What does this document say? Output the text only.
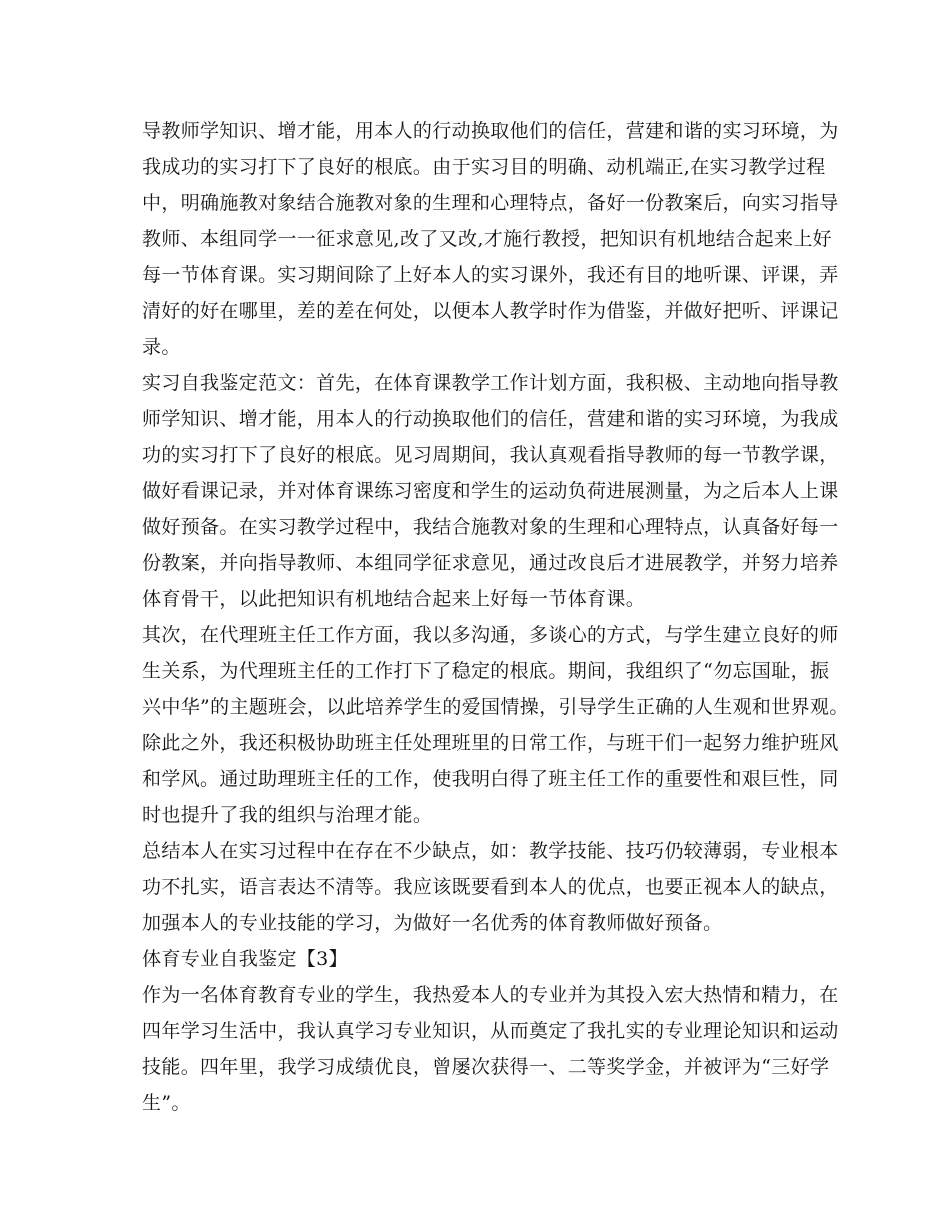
导教师学知识、增才能，用本人的行动换取他们的信任，营建和谐的实习环境，为
我成功的实习打下了良好的根底。由于实习目的明确、动机端正,在实习教学过程
中，明确施教对象结合施教对象的生理和心理特点，备好一份教案后，向实习指导
教师、本组同学一一征求意见,改了又改,才施行教授，把知识有机地结合起来上好
每一节体育课。实习期间除了上好本人的实习课外，我还有目的地听课、评课，弄
清好的好在哪里，差的差在何处，以便本人教学时作为借鉴，并做好把听、评课记
录。
实习自我鉴定范文：首先，在体育课教学工作计划方面，我积极、主动地向指导教
师学知识、增才能，用本人的行动换取他们的信任，营建和谐的实习环境，为我成
功的实习打下了良好的根底。见习周期间，我认真观看指导教师的每一节教学课，
做好看课记录，并对体育课练习密度和学生的运动负荷进展测量，为之后本人上课
做好预备。在实习教学过程中，我结合施教对象的生理和心理特点，认真备好每一
份教案，并向指导教师、本组同学征求意见，通过改良后才进展教学，并努力培养
体育骨干，以此把知识有机地结合起来上好每一节体育课。
其次，在代理班主任工作方面，我以多沟通，多谈心的方式，与学生建立良好的师
生关系，为代理班主任的工作打下了稳定的根底。期间，我组织了“勿忘国耻，振
兴中华”的主题班会，以此培养学生的爱国情操，引导学生正确的人生观和世界观。
除此之外，我还积极协助班主任处理班里的日常工作，与班干们一起努力维护班风
和学风。通过助理班主任的工作，使我明白得了班主任工作的重要性和艰巨性，同
时也提升了我的组织与治理才能。
总结本人在实习过程中在存在不少缺点，如：教学技能、技巧仍较薄弱，专业根本
功不扎实，语言表达不清等。我应该既要看到本人的优点，也要正视本人的缺点，
加强本人的专业技能的学习，为做好一名优秀的体育教师做好预备。
体育专业自我鉴定【3】
作为一名体育教育专业的学生，我热爱本人的专业并为其投入宏大热情和精力，在
四年学习生活中，我认真学习专业知识，从而奠定了我扎实的专业理论知识和运动
技能。四年里，我学习成绩优良，曾屡次获得一、二等奖学金，并被评为“三好学
生”。
